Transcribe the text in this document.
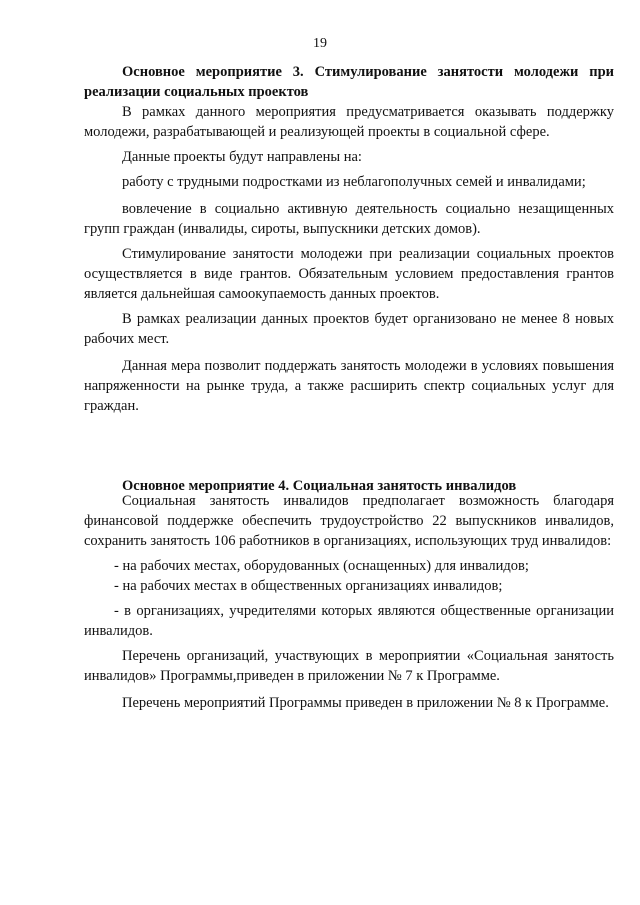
19

Основное мероприятие 3. Стимулирование занятости молодежи при реализации социальных проектов

В рамках данного мероприятия предусматривается оказывать поддержку молодежи, разрабатывающей и реализующей проекты в социальной сфере.

Данные проекты будут направлены на:

работу с трудными подростками из неблагополучных семей и инвалидами;

вовлечение в социально активную деятельность социально незащищенных групп граждан (инвалиды, сироты, выпускники детских домов).

Стимулирование занятости молодежи при реализации социальных проектов осуществляется в виде грантов. Обязательным условием предоставления грантов является дальнейшая самоокупаемость данных проектов.

В рамках реализации данных проектов будет организовано не менее 8 новых рабочих мест.

Данная мера позволит поддержать занятость молодежи в условиях повышения напряженности на рынке труда, а также расширить спектр социальных услуг для граждан.

Основное мероприятие 4. Социальная занятость инвалидов

Социальная занятость инвалидов предполагает возможность благодаря финансовой поддержке обеспечить трудоустройство 22 выпускников инвалидов, сохранить занятость 106 работников в организациях, использующих труд инвалидов:

- на рабочих местах, оборудованных (оснащенных) для инвалидов;

- на рабочих местах в общественных организациях инвалидов;

- в организациях, учредителями которых являются общественные организации инвалидов.

Перечень организаций, участвующих в мероприятии «Социальная занятость инвалидов» Программы,приведен в приложении № 7 к Программе.

Перечень мероприятий Программы приведен в приложении № 8 к Программе.
